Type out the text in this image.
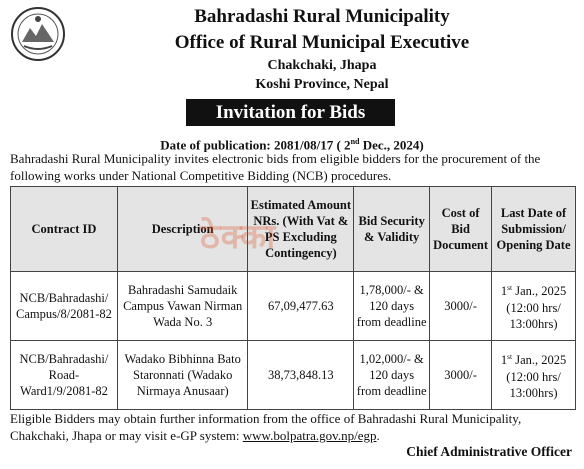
Bahradashi Rural Municipality
Office of Rural Municipal Executive
Chakchaki, Jhapa
Koshi Province, Nepal
Invitation for Bids
Date of publication: 2081/08/17 ( 2nd Dec., 2024)
Bahradashi Rural Municipality invites electronic bids from eligible bidders for the procurement of the following works under National Competitive Bidding (NCB) procedures.
Contract ID	Description	Estimated Amount NRs. (With Vat & PS Excluding Contingency)	Bid Security & Validity	Cost of Bid Document	Last Date of Submission/ Opening Date
NCB/Bahradashi/ Campus/8/2081-82	Bahradashi Samudaik Campus Vawan Nirman Wada No. 3	67,09,477.63	1,78,000/- & 120 days from deadline	3000/-	1st Jan., 2025 (12:00 hrs/ 13:00hrs)
NCB/Bahradashi/ Road-Ward1/9/2081-82	Wadako Bibhinna Bato Staronnati (Wadako Nirmaya Anusaar)	38,73,848.13	1,02,000/- & 120 days from deadline	3000/-	1st Jan., 2025 (12:00 hrs/ 13:00hrs)
ठेक्का
Eligible Bidders may obtain further information from the office of Bahradashi Rural Municipality, Chakchaki, Jhapa or may visit e-GP system: www.bolpatra.gov.np/egp.
Chief Administrative Officer
